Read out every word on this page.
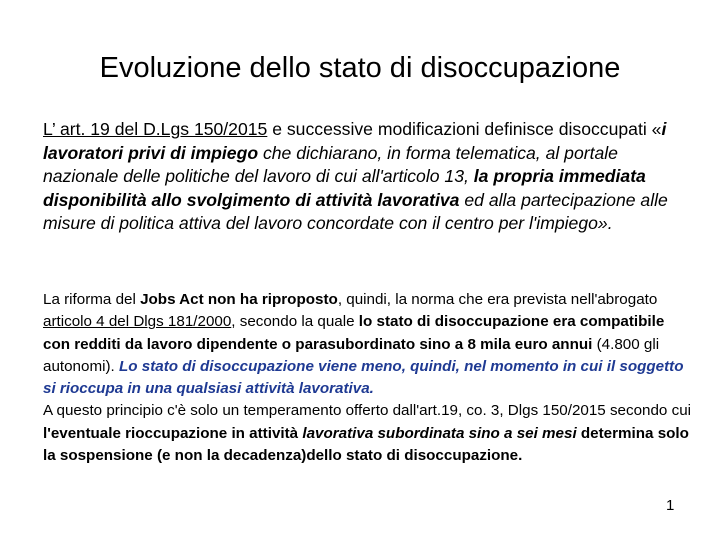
Evoluzione dello stato di disoccupazione
L’ art. 19 del D.Lgs 150/2015 e successive modificazioni definisce disoccupati «i lavoratori privi di impiego che dichiarano, in forma telematica, al portale nazionale delle politiche del lavoro di cui all'articolo 13, la propria immediata disponibilità allo svolgimento di attività lavorativa ed alla partecipazione alle misure di politica attiva del lavoro concordate con il centro per l'impiego».
La riforma del Jobs Act non ha riproposto, quindi, la norma che era prevista nell'abrogato articolo 4 del Dlgs 181/2000, secondo la quale lo stato di disoccupazione era compatibile con redditi da lavoro dipendente o parasubordinato sino a 8 mila euro annui (4.800 gli autonomi). Lo stato di disoccupazione viene meno, quindi, nel momento in cui il soggetto si rioccupa in una qualsiasi attività lavorativa.
A questo principio c'è solo un temperamento offerto dall'art.19, co. 3, Dlgs 150/2015 secondo cui l'eventuale rioccupazione in attività lavorativa subordinata sino a sei mesi determina solo la sospensione (e non la decadenza)dello stato di disoccupazione.
1
